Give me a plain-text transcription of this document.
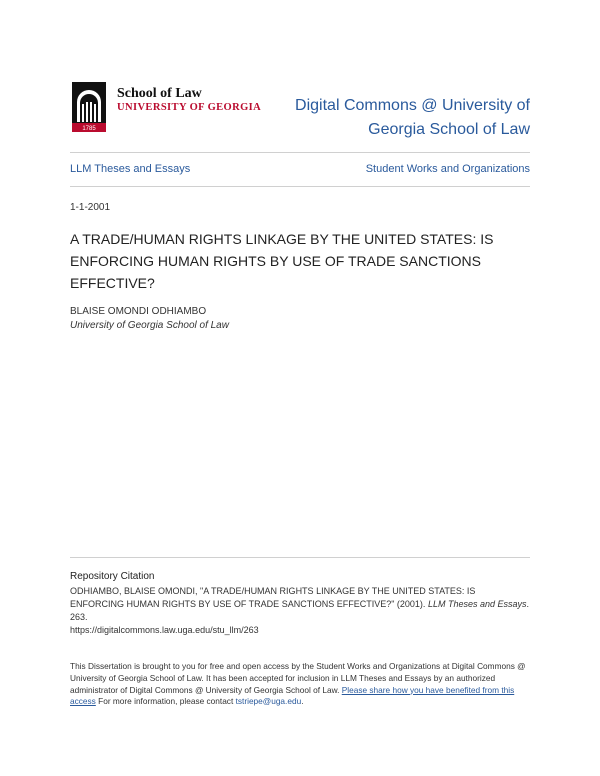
1785
School of Law
UNIVERSITY OF GEORGIA	Digital Commons @ University of
Georgia School of Law
LLM Theses and Essays	Student Works and Organizations
1-1-2001
A TRADE/HUMAN RIGHTS LINKAGE BY THE UNITED STATES: IS ENFORCING HUMAN RIGHTS BY USE OF TRADE SANCTIONS EFFECTIVE?
BLAISE OMONDI ODHIAMBO
University of Georgia School of Law
Repository Citation
ODHIAMBO, BLAISE OMONDI, "A TRADE/HUMAN RIGHTS LINKAGE BY THE UNITED STATES: IS ENFORCING HUMAN RIGHTS BY USE OF TRADE SANCTIONS EFFECTIVE?" (2001). LLM Theses and Essays. 263.
https://digitalcommons.law.uga.edu/stu_llm/263
This Dissertation is brought to you for free and open access by the Student Works and Organizations at Digital Commons @ University of Georgia School of Law. It has been accepted for inclusion in LLM Theses and Essays by an authorized administrator of Digital Commons @ University of Georgia School of Law. Please share how you have benefited from this access For more information, please contact tstriepe@uga.edu.
